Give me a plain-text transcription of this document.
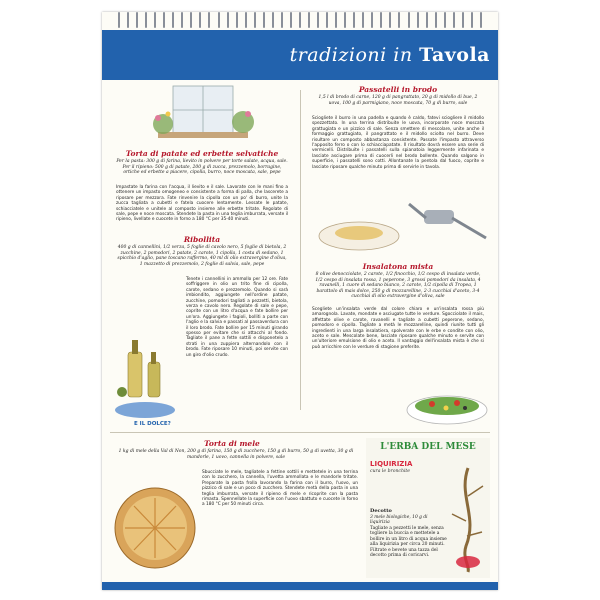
tradizioni in Tavola
Torta di patate ed erbette selvatiche
Per la pasta: 300 g di farina, lievito in polvere per torte salate, acqua, sale. Per il ripieno: 500 g di patate, 200 g di zucca, prezzemolo, borragine, ortiche ed erbette a piacere, cipolla, burro, noce moscata, sale, pepe
Impastate la farina con l'acqua, il lievito e il sale. Lavorate con le mani fino a ottenere un impasto omogeneo e consistente a forma di palla, che lascerete a riposare per mezzora. Fate rinvenire la cipolla con un po' di burro, unite la zucca tagliata a cubetti e fatela cuocere lentamente. Lessate le patate, schiacciatele e unitele al composto insieme alle erbette tritate. Regolate di sale, pepe e noce moscata. Stendete la pasta in una teglia imburrata, versate il ripieno, livellate e cuocete in forno a 180 °C per 35-40 minuti.
Ribollita
400 g di cannellini, 1/2 verza, 5 foglie di cavolo nero, 5 foglie di bietola, 2 zucchine, 2 pomodori, 2 patate, 2 carote, 1 cipolla, 1 costa di sedano, 1 spicchio d'aglio, pane toscano raffermo, 40 ml di olio extravergine d'oliva, 1 mazzetto di prezzemolo, 2 foglie di salvia, sale, pepe
Tenete i cannellini in ammollo per 12 ore. Fate soffriggere in olio un trito fine di cipolla, carote, sedano e prezzemolo. Quando si sarà imbiondito, aggiungete nell'ordine patate, zucchine, pomodori tagliati a pezzetti, bietola, verza e cavolo nero. Regolate di sale e pepe, coprite con un litro d'acqua e fate bollire per un'ora. Aggiungete i fagioli, bolliti a parte con l'aglio e la salvia e passati al passaverdura con il loro brodo. Fate bollire per 15 minuti girando spesso per evitare che si attacchi al fondo. Tagliate il pane a fette sottili e disponetelo a strati in una zuppiera alternandolo con il brodo. Fate riposare 10 minuti, poi servite con un giro d'olio crudo.
E IL DOLCE?
Passatelli in brodo
1,5 l di brodo di carne, 120 g di pangrattato, 20 g di midollo di bue, 2 uova, 100 g di parmigiano, noce moscata, 70 g di burro, sale
Sciogliete il burro in una padella e quando è caldo, fatevi sciogliere il midollo spezzettato. In una terrina distribuite le uova, incorporate noce moscata grattugiata e un pizzico di sale. Senza smettere di mescolare, unite anche il formaggio grattugiato, il pangrattato e il midollo sciolto nel burro. Deve risultare un composto abbastanza consistente. Passate l'impasto attraverso l'apposito ferro o con lo schiacciapatate. Il risultato dovrà essere una serie di vermicelli. Distribuite i passatelli sulla spianatoia leggermente infarinata e lasciate asciugare prima di cuocerli nel brodo bollente. Quando salgono in superficie, i passatelli sono cotti. Allontanate la pentola dal fuoco, coprite e lasciate riposare qualche minuto prima di servirle in tavola.
Insalatona mista
8 olive denocciolate, 2 carote, 1/2 finocchio, 1/2 cespo di insalata verde, 1/2 cespo di insalata rossa, 1 peperone, 3 grossi pomodori da insalata, 4 ravanelli, 1 cuore di sedano bianco, 2 carote, 1/2 cipolla di Tropea, 1 barattolo di mais dolce, 250 g di mozzarelline, 2-3 cucchiai d'aceto, 3-4 cucchiai di olio extravergine d'oliva, sale
Scegliete un'insalata verde dal colore chiaro e un'insalata rossa più amarognola. Lavate, mondate e asciugate tutte le verdure. Sgocciolate il mais, affettate olive e carote, ravanelli e tagliate a cubetti peperone, sedano, pomodoro e cipolla. Tagliate a metà le mozzarelline, quindi riunite tutti gli ingredienti in una larga insalatiera, spolverate con le erbe e condite con olio, aceto e sale. Mescolate bene, lasciate riposare qualche minuto e servite con un'ulteriore emulsione di olio e aceto. Il vantaggio dell'insalata mista è che si può arricchire con le verdure di stagione preferite.
Torta di mele
1 kg di mele della Val di Non, 200 g di farina, 150 g di zucchero, 150 g di burro, 50 g di uvetta, 30 g di mandorle, 1 uovo, cannella in polvere, sale
Sbucciate le mele, tagliatele a fettine sottili e mettetele in una terrina con lo zucchero, la cannella, l'uvetta ammollata e le mandorle tritate. Preparate la pasta frolla lavorando la farina con il burro, l'uovo, un pizzico di sale e un poco di zucchero. Stendete metà della pasta in una teglia imburrata, versate il ripieno di mele e ricoprite con la pasta rimasta. Spennellate la superficie con l'uovo sbattuto e cuocete in forno a 180 °C per 50 minuti circa.
L'ERBA DEL MESE
LIQUIRIZIA
cura le bronchite
Decotto
3 mele biologiche, 10 g di liquirizia
Tagliate a pezzetti le mele, senza togliere la buccia e mettetele a bollire in un litro di acqua insieme alla liquirizia per circa 20 minuti. Filtrate e bevete una tazza del decotto prima di coricarvi.
